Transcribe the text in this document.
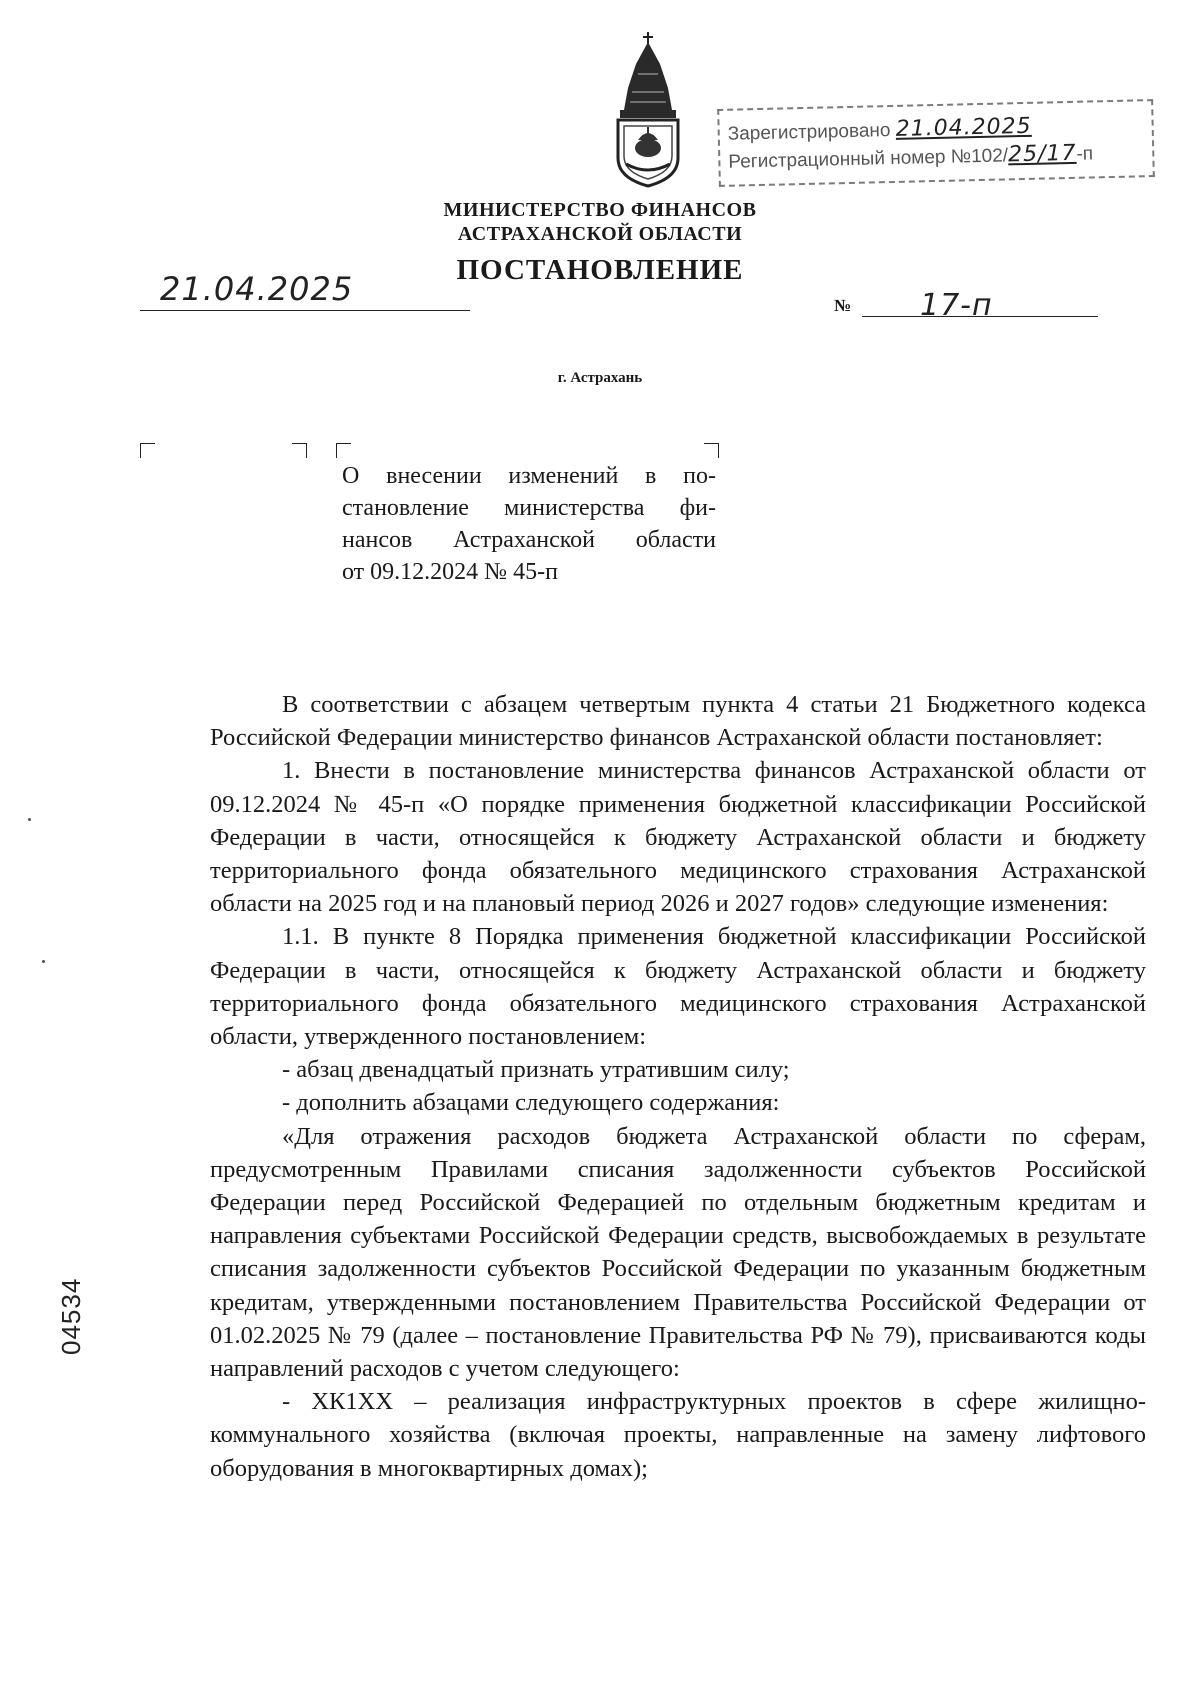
Зарегистрировано 21.04.2025
Регистрационный номер №102/25/17-п
МИНИСТЕРСТВО ФИНАНСОВ
АСТРАХАНСКОЙ ОБЛАСТИ
ПОСТАНОВЛЕНИЕ
21.04.2025	№ 17-п
г. Астрахань
О внесении изменений в по-
становление министерства фи-
нансов Астраханской области
от 09.12.2024 № 45-п

В соответствии с абзацем четвертым пункта 4 статьи 21 Бюджетного кодекса Российской Федерации министерство финансов Астраханской области постановляет:

1. Внести в постановление министерства финансов Астраханской области от 09.12.2024 № 45-п «О порядке применения бюджетной классификации Российской Федерации в части, относящейся к бюджету Астраханской области и бюджету территориального фонда обязательного медицинского страхования Астраханской области на 2025 год и на плановый период 2026 и 2027 годов» следующие изменения:

1.1. В пункте 8 Порядка применения бюджетной классификации Российской Федерации в части, относящейся к бюджету Астраханской области и бюджету территориального фонда обязательного медицинского страхования Астраханской области, утвержденного постановлением:

- абзац двенадцатый признать утратившим силу;

- дополнить абзацами следующего содержания:

«Для отражения расходов бюджета Астраханской области по сферам, предусмотренным Правилами списания задолженности субъектов Российской Федерации перед Российской Федерацией по отдельным бюджетным кредитам и направления субъектами Российской Федерации средств, высвобождаемых в результате списания задолженности субъектов Российской Федерации по указанным бюджетным кредитам, утвержденными постановлением Правительства Российской Федерации от 01.02.2025 № 79 (далее – постановление Правительства РФ № 79), присваиваются коды направлений расходов с учетом следующего:

- ХК1ХХ – реализация инфраструктурных проектов в сфере жилищно-коммунального хозяйства (включая проекты, направленные на замену лифтового оборудования в многоквартирных домах);

04534
